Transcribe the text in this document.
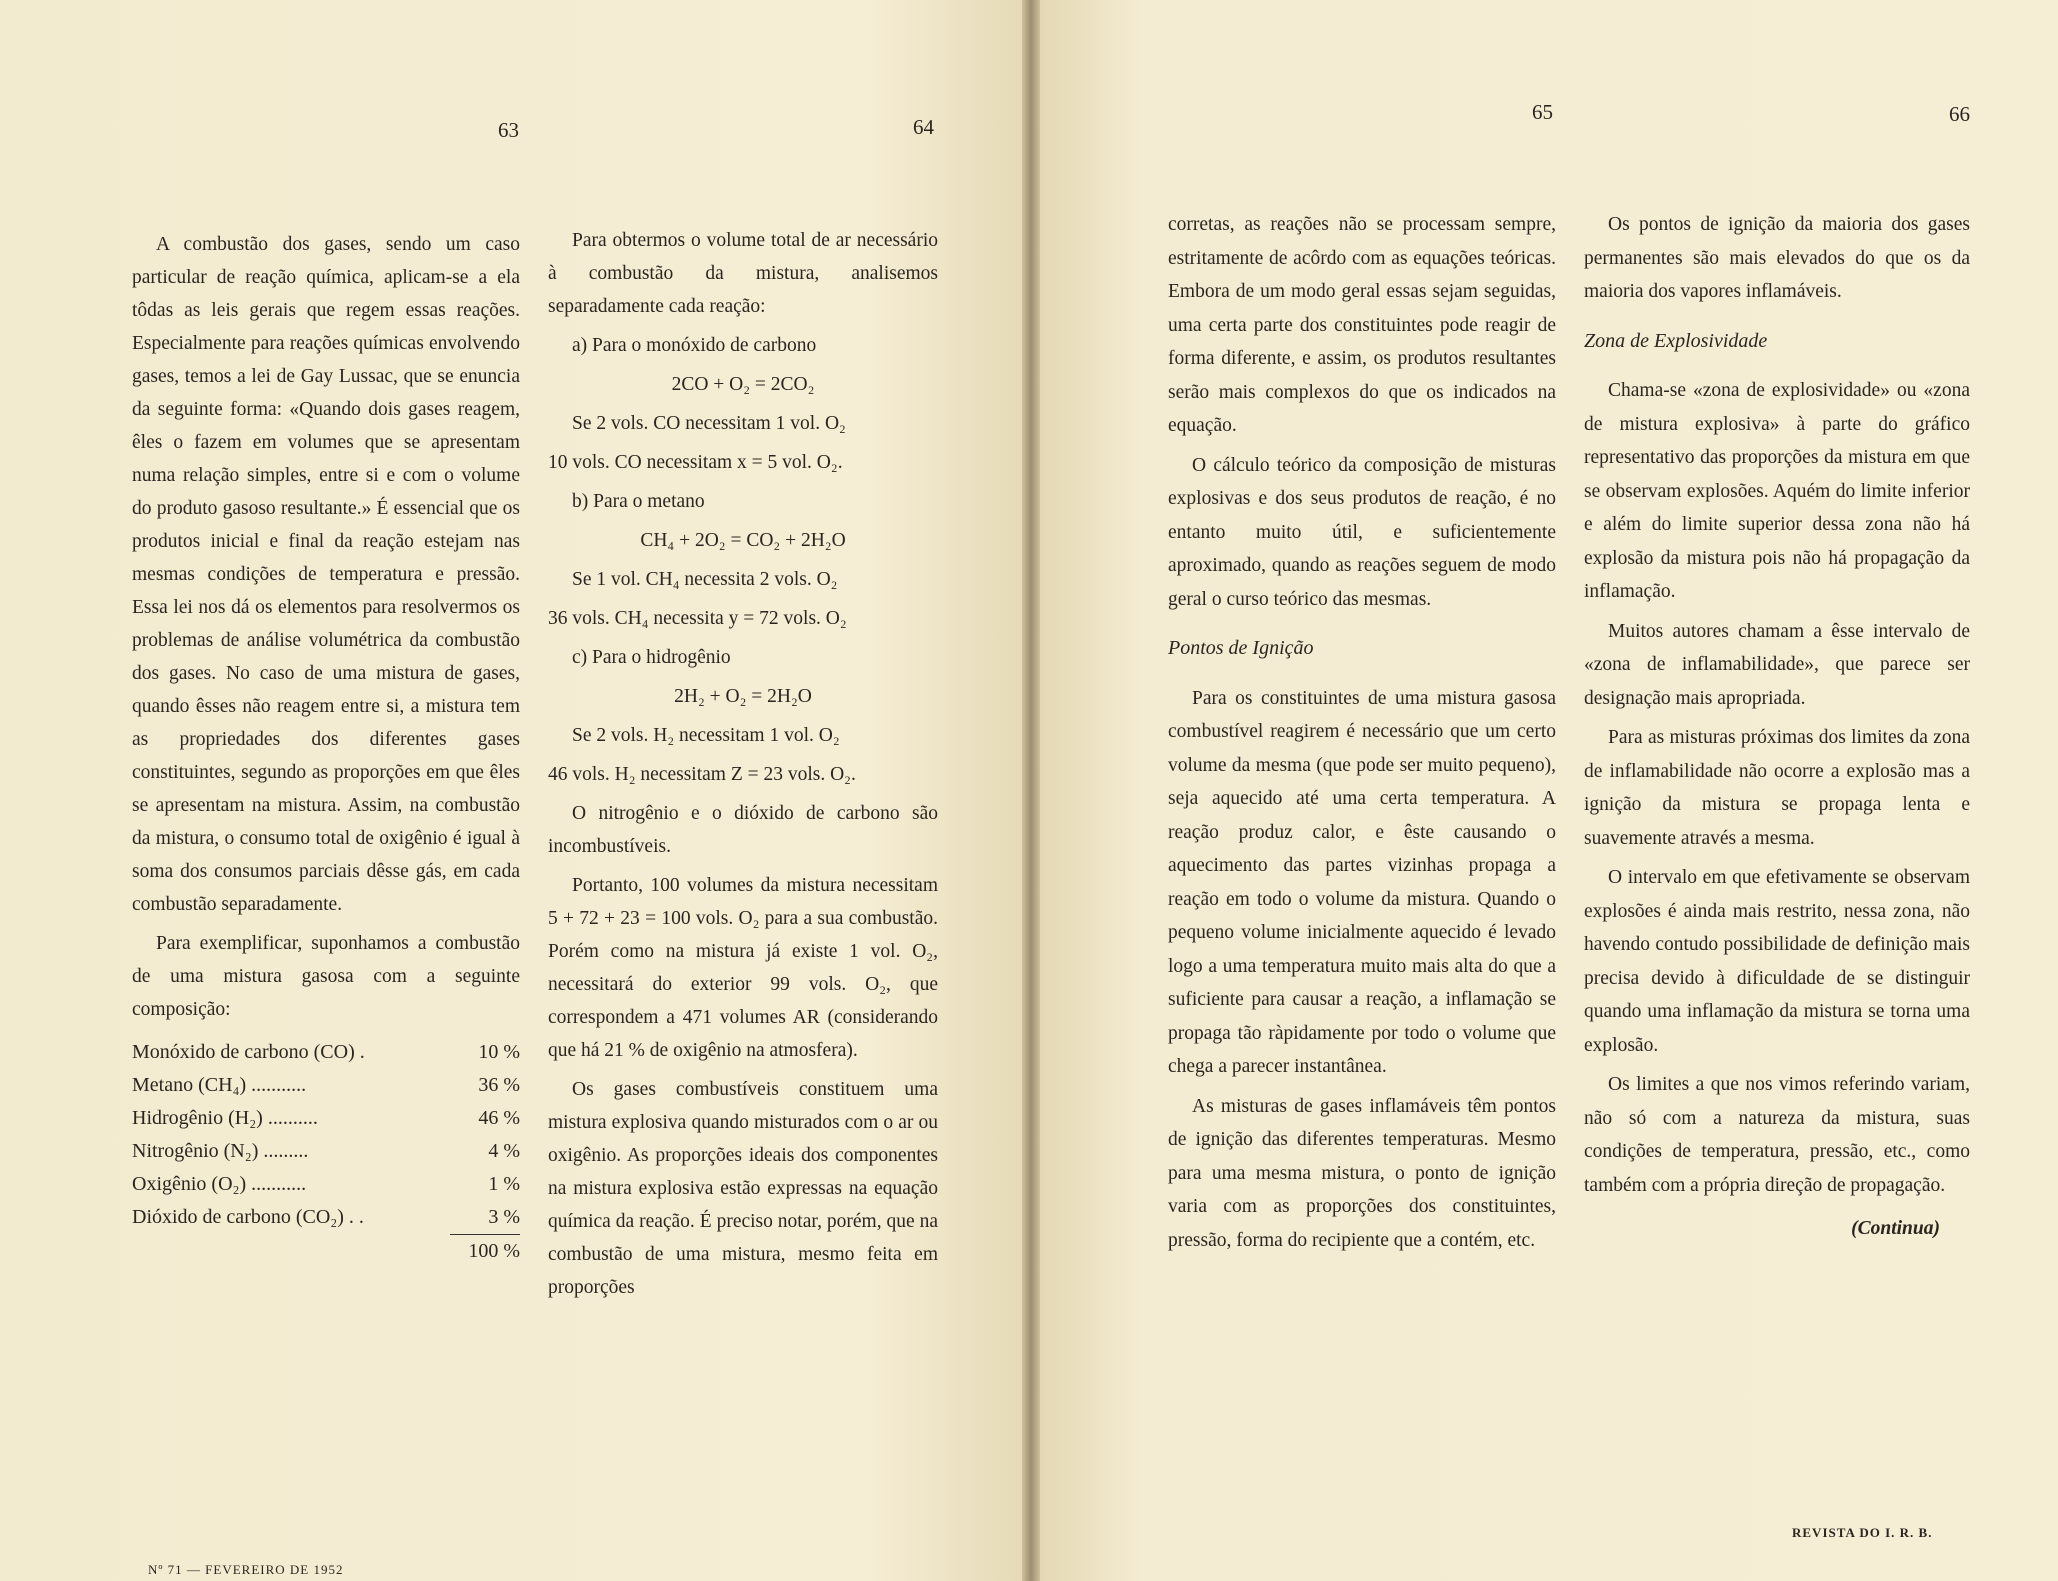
63	64

A combustão dos gases, sendo um caso particular de reação química, aplicam-se a ela tôdas as leis gerais que regem essas reações. Especialmente para reações químicas envolvendo gases, temos a lei de Gay Lussac, que se enuncia da seguinte forma: «Quando dois gases reagem, êles o fazem em volumes que se apresentam numa relação simples, entre si e com o volume do produto gasoso resultante.» É essencial que os produtos inicial e final da reação estejam nas mesmas condições de temperatura e pressão. Essa lei nos dá os elementos para resolvermos os problemas de análise volumétrica da combustão dos gases. No caso de uma mistura de gases, quando êsses não reagem entre si, a mistura tem as propriedades dos diferentes gases constituintes, segundo as proporções em que êles se apresentam na mistura. Assim, na combustão da mistura, o consumo total de oxigênio é igual à soma dos consumos parciais dêsse gás, em cada combustão separadamente.

Para exemplificar, suponhamos a combustão de uma mistura gasosa com a seguinte composição:

Monóxido de carbono (CO) .	10 %
Metano (CH₄) ...........	36 %
Hidrogênio (H₂) ..........	46 %
Nitrogênio (N₂) .........	4 %
Oxigênio (O₂) ...........	1 %
Dióxido de carbono (CO₂) . .	3 %
	100 %

Para obtermos o volume total de ar necessário à combustão da mistura, analisemos separadamente cada reação:

a) Para o monóxido de carbono

2CO + O₂ = 2CO₂

Se 2 vols. CO necessitam 1 vol. O₂

10 vols. CO necessitam x = 5 vol. O₂.

b) Para o metano

CH₄ + 2O₂ = CO₂ + 2H₂O

Se 1 vol. CH₄ necessita 2 vols. O₂

36 vols. CH₄ necessita y = 72 vols. O₂

c) Para o hidrogênio

2H₂ + O₂ = 2H₂O

Se 2 vols. H₂ necessitam 1 vol. O₂

46 vols. H₂ necessitam Z = 23 vols. O₂.

O nitrogênio e o dióxido de carbono são incombustíveis.

Portanto, 100 volumes da mistura necessitam 5 + 72 + 23 = 100 vols. O₂ para a sua combustão. Porém como na mistura já existe 1 vol. O₂, necessitará do exterior 99 vols. O₂, que correspondem a 471 volumes AR (considerando que há 21 % de oxigênio na atmosfera).

Os gases combustíveis constituem uma mistura explosiva quando misturados com o ar ou oxigênio. As proporções ideais dos componentes na mistura explosiva estão expressas na equação química da reação. É preciso notar, porém, que na combustão de uma mistura, mesmo feita em proporções

Nº 71 — FEVEREIRO DE 1952
65	66

corretas, as reações não se processam sempre, estritamente de acôrdo com as equações teóricas. Embora de um modo geral essas sejam seguidas, uma certa parte dos constituintes pode reagir de forma diferente, e assim, os produtos resultantes serão mais complexos do que os indicados na equação.

O cálculo teórico da composição de misturas explosivas e dos seus produtos de reação, é no entanto muito útil, e suficientemente aproximado, quando as reações seguem de modo geral o curso teórico das mesmas.

Pontos de Ignição

Para os constituintes de uma mistura gasosa combustível reagirem é necessário que um certo volume da mesma (que pode ser muito pequeno), seja aquecido até uma certa temperatura. A reação produz calor, e êste causando o aquecimento das partes vizinhas propaga a reação em todo o volume da mistura. Quando o pequeno volume inicialmente aquecido é levado logo a uma temperatura muito mais alta do que a suficiente para causar a reação, a inflamação se propaga tão ràpidamente por todo o volume que chega a parecer instantânea.

As misturas de gases inflamáveis têm pontos de ignição das diferentes temperaturas. Mesmo para uma mesma mistura, o ponto de ignição varia com as proporções dos constituintes, pressão, forma do recipiente que a contém, etc.

Os pontos de ignição da maioria dos gases permanentes são mais elevados do que os da maioria dos vapores inflamáveis.

Zona de Explosividade

Chama-se «zona de explosividade» ou «zona de mistura explosiva» à parte do gráfico representativo das proporções da mistura em que se observam explosões. Aquém do limite inferior e além do limite superior dessa zona não há explosão da mistura pois não há propagação da inflamação.

Muitos autores chamam a êsse intervalo de «zona de inflamabilidade», que parece ser designação mais apropriada.

Para as misturas próximas dos limites da zona de inflamabilidade não ocorre a explosão mas a ignição da mistura se propaga lenta e suavemente através a mesma.

O intervalo em que efetivamente se observam explosões é ainda mais restrito, nessa zona, não havendo contudo possibilidade de definição mais precisa devido à dificuldade de se distinguir quando uma inflamação da mistura se torna uma explosão.

Os limites a que nos vimos referindo variam, não só com a natureza da mistura, suas condições de temperatura, pressão, etc., como também com a própria direção de propagação.

(Continua)

REVISTA DO I. R. B.
